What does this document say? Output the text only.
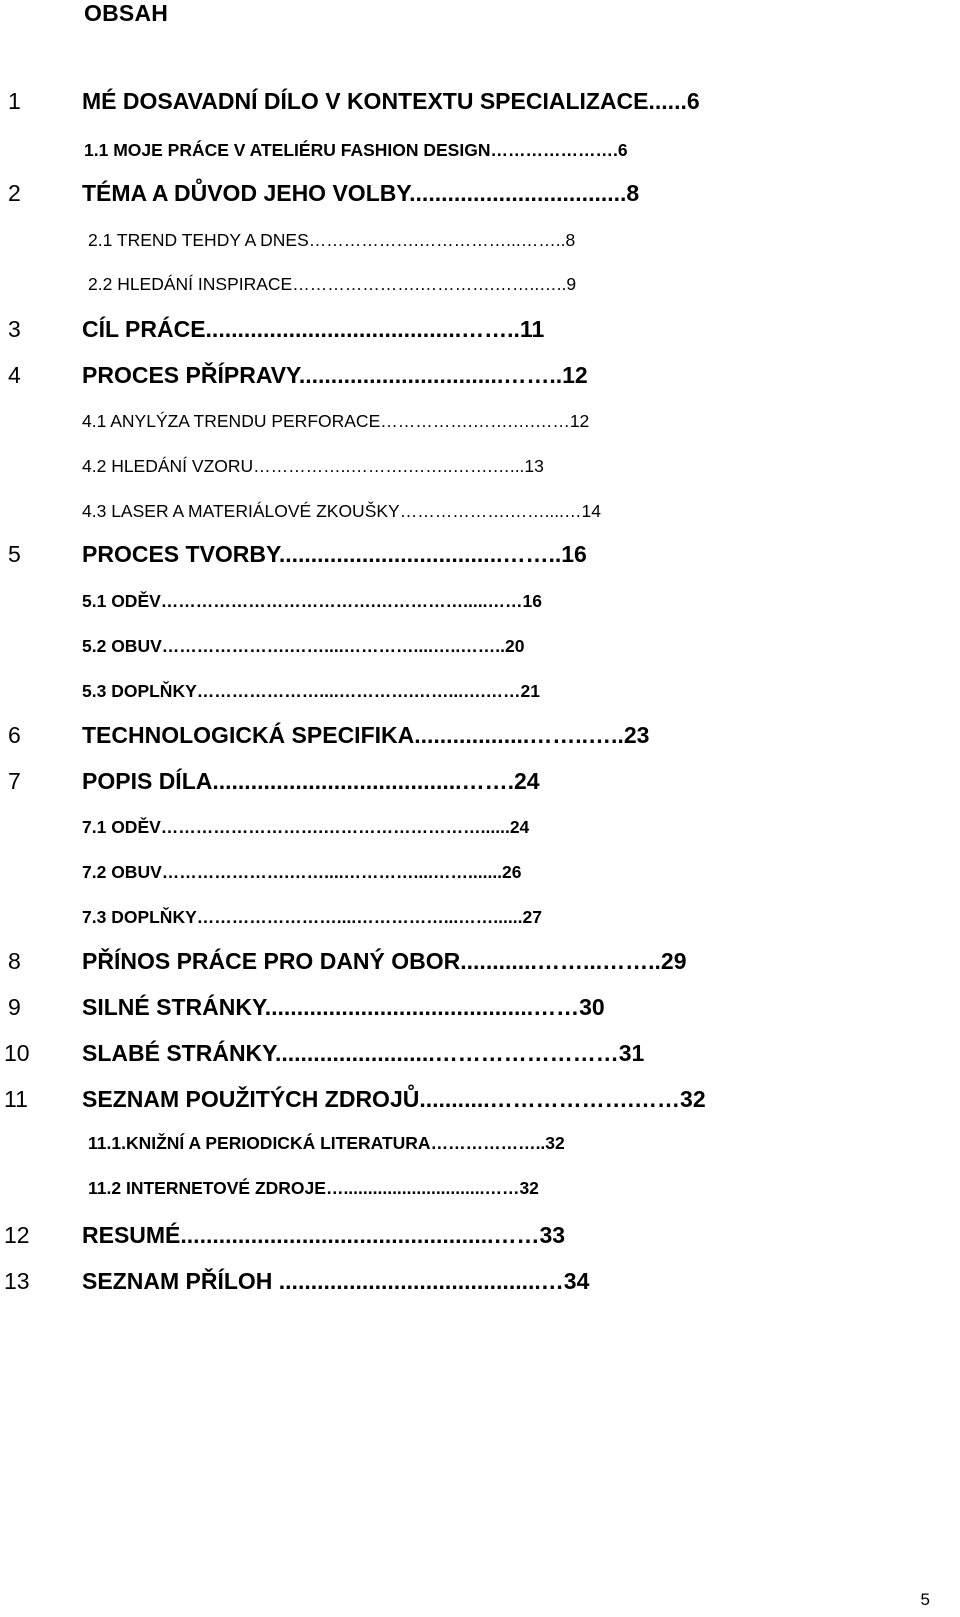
OBSAH
1	MÉ DOSAVADNÍ DÍLO V KONTEXTU SPECIALIZACE......6
1.1 MOJE PRÁCE V ATELIÉRU FASHION DESIGN………………….6
2	TÉMA A DŮVOD JEHO VOLBY..................................8
2.1 TREND TEHDY A DNES……………….……………...……..8
2.2 HLEDÁNÍ INSPIRACE………………….………….……..…..9
3	CÍL PRÁCE........................................……..11
4	PROCES PŘÍPRAVY................................……..12
4.1 ANYLÝZA TRENDU PERFORACE…………….…….….……12
4.2 HLEDÁNÍ VZORU……………..……….……..…….…...13
4.3 LASER A MATERIÁLOVÉ ZKOUŠKY……………….……....…14
5	PROCES TVORBY...................................……..16
5.1 ODĚV……………………………….…………….....……16
5.2 OBUV………………….……....…………....…..……..20
5.3 DOPLŇKY…………………....………….……...….……21
6	TECHNOLOGICKÁ SPECIFIKA..................……..…..23
7	POPIS DÍLA.......................................…….24
7.1 ODĚV……………………….………………………......24
7.2 OBUV………………….……....…………....…….......26
7.3 DOPLŇKY……………………....……………...……......27
8	PŘÍNOS PRÁCE PRO DANÝ OBOR............……...……..29
9	SILNÉ STRÁNKY..........................................……30
10 SLABÉ STRÁNKY.........................……………………31
11 SEZNAM POUŽITÝCH ZDROJŮ...........……………….……32
11.1.KNIŽNÍ A PERIODICKÁ LITERATURA………………..32
11.2 INTERNETOVÉ ZDROJE….............................……32
12 RESUMÉ.................................................……33
13 SEZNAM PŘÍLOH .........................................…34
5
